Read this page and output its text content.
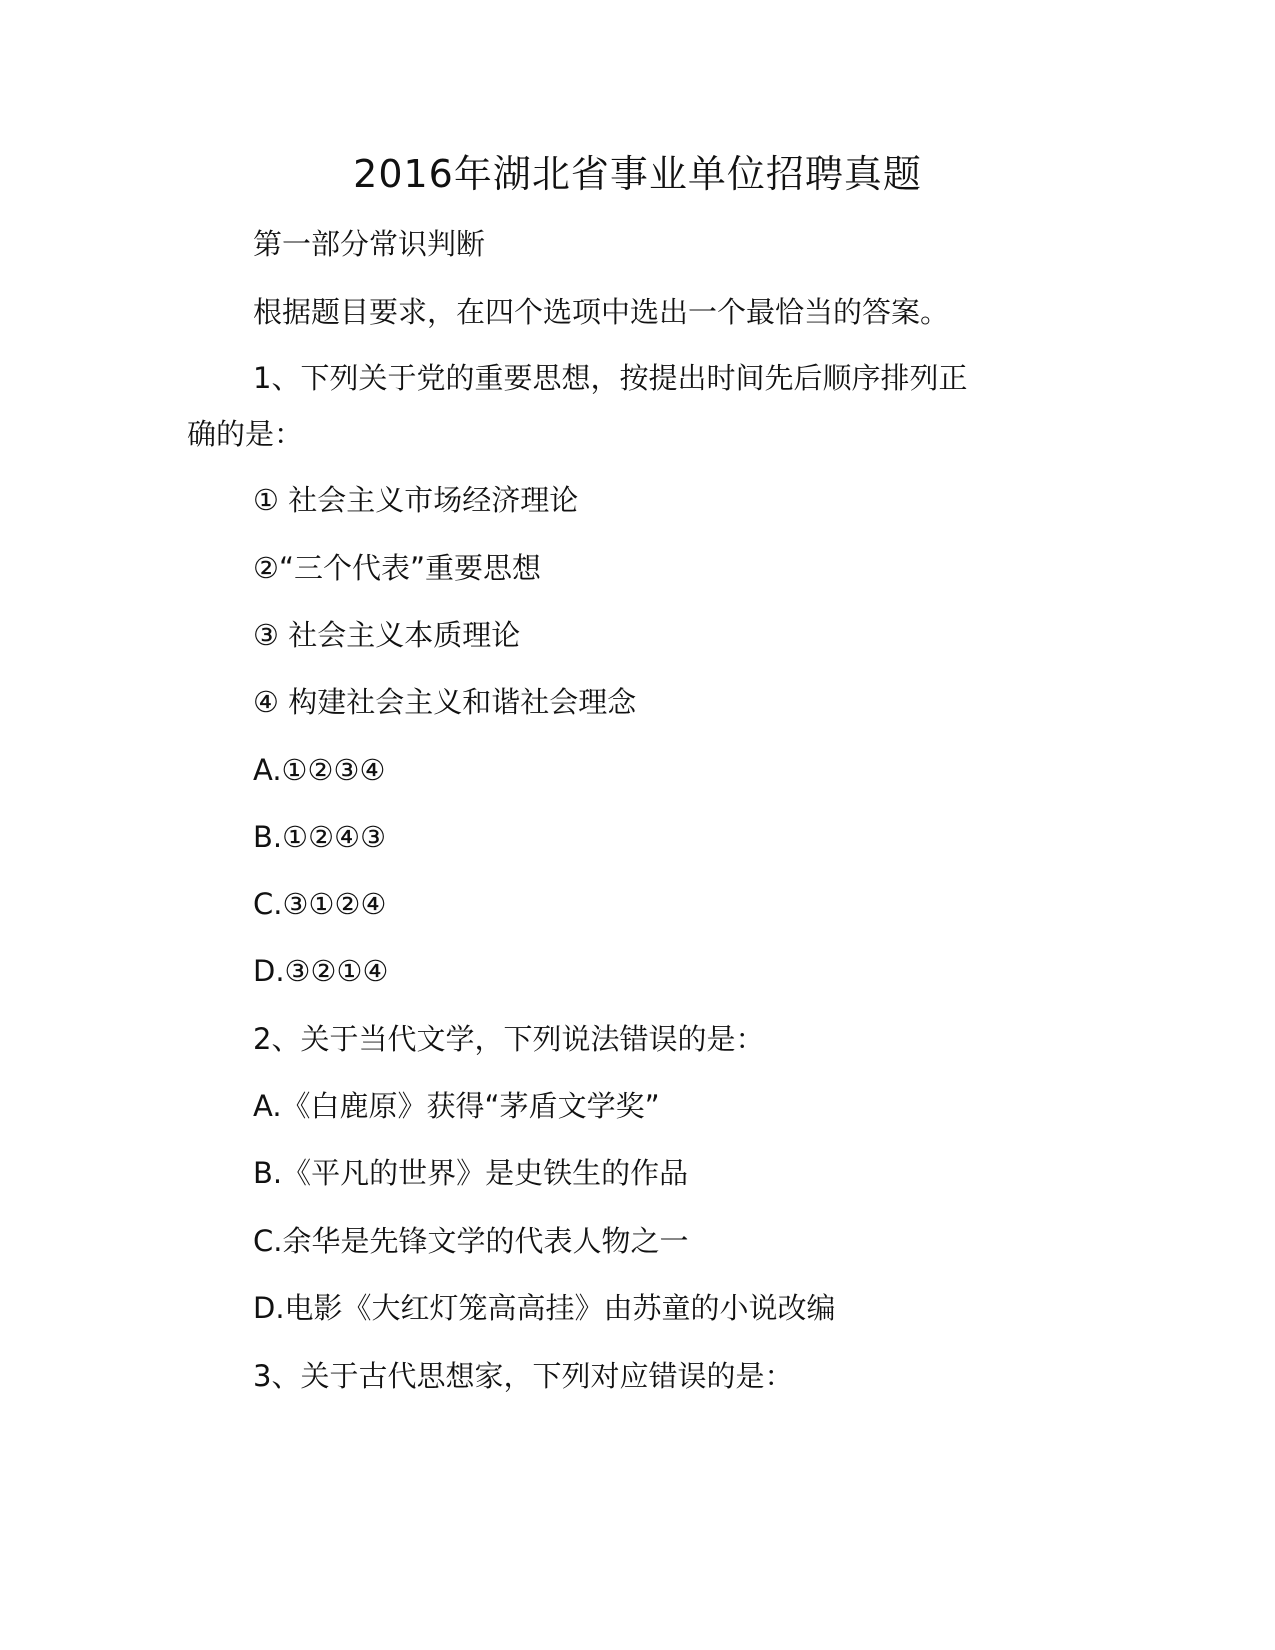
2016年湖北省事业单位招聘真题
第一部分常识判断
根据题目要求，在四个选项中选出一个最恰当的答案。
1、下列关于党的重要思想，按提出时间先后顺序排列正
确的是：
① 社会主义市场经济理论
②“三个代表”重要思想
③ 社会主义本质理论
④ 构建社会主义和谐社会理念
A.①②③④
B.①②④③
C.③①②④
D.③②①④
2、关于当代文学，下列说法错误的是：
A.《白鹿原》获得“茅盾文学奖”
B.《平凡的世界》是史铁生的作品
C.余华是先锋文学的代表人物之一
D.电影《大红灯笼高高挂》由苏童的小说改编
3、关于古代思想家，下列对应错误的是：
